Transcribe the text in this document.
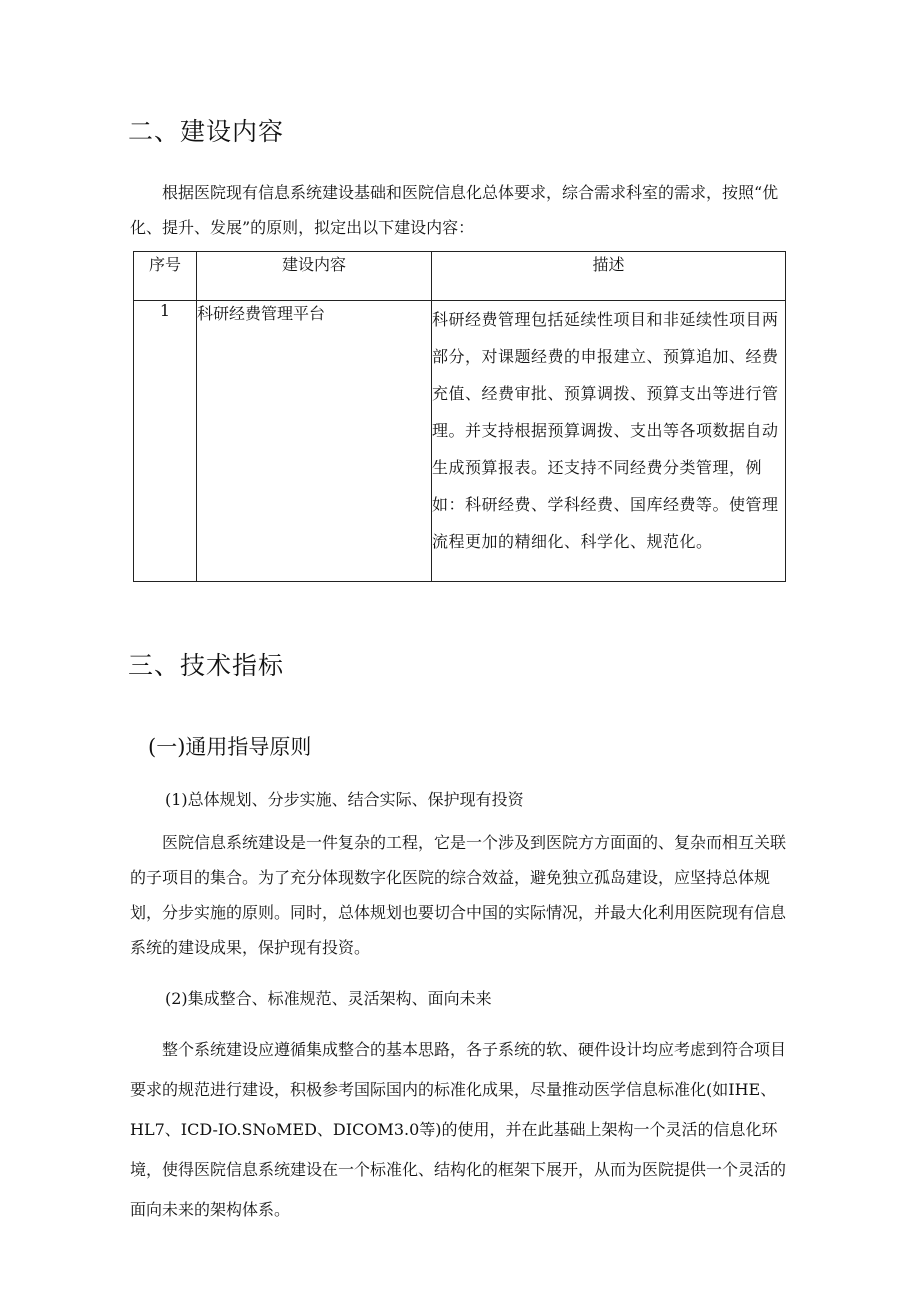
二、建设内容

根据医院现有信息系统建设基础和医院信息化总体要求，综合需求科室的需求，按照“优化、提升、发展”的原则，拟定出以下建设内容：

序号	建设内容	描述
1	科研经费管理平台	科研经费管理包括延续性项目和非延续性项目两部分，对课题经费的申报建立、预算追加、经费充值、经费审批、预算调拨、预算支出等进行管理。并支持根据预算调拨、支出等各项数据自动生成预算报表。还支持不同经费分类管理，例如：科研经费、学科经费、国库经费等。使管理流程更加的精细化、科学化、规范化。
三、技术指标
(一)通用指导原则
(1)总体规划、分步实施、结合实际、保护现有投资

医院信息系统建设是一件复杂的工程，它是一个涉及到医院方方面面的、复杂而相互关联的子项目的集合。为了充分体现数字化医院的综合效益，避免独立孤岛建设，应坚持总体规划，分步实施的原则。同时，总体规划也要切合中国的实际情况，并最大化利用医院现有信息系统的建设成果，保护现有投资。

(2)集成整合、标准规范、灵活架构、面向未来

整个系统建设应遵循集成整合的基本思路，各子系统的软、硬件设计均应考虑到符合项目要求的规范进行建设，积极参考国际国内的标准化成果，尽量推动医学信息标准化(如IHE、HL7、ICD-IO.SNoMED、DICOM3.0等)的使用，并在此基础上架构一个灵活的信息化环境，使得医院信息系统建设在一个标准化、结构化的框架下展开，从而为医院提供一个灵活的面向未来的架构体系。
